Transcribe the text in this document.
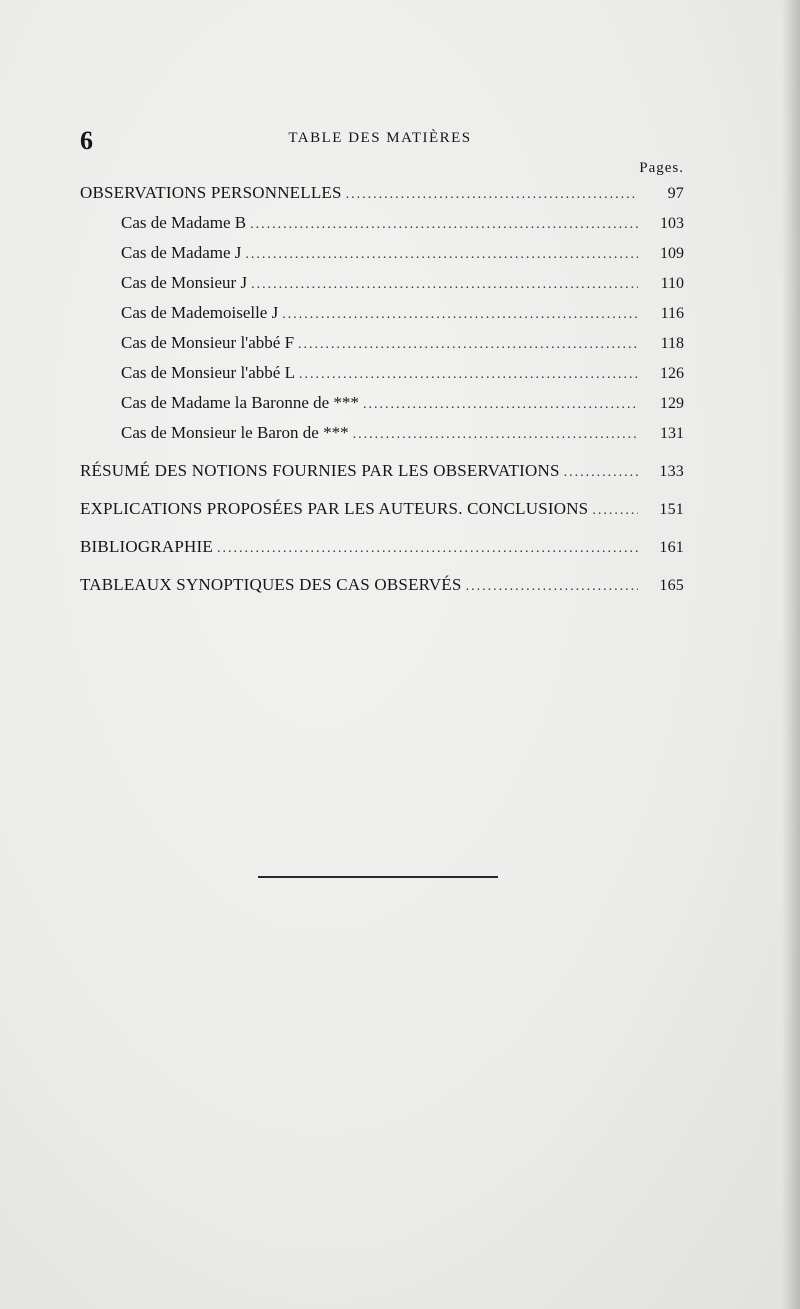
6	TABLE DES MATIÈRES
Pages.
OBSERVATIONS PERSONNELLES .....	97
Cas de Madame B .....	103
Cas de Madame J .....	109
Cas de Monsieur J .....	110
Cas de Mademoiselle J .....	116
Cas de Monsieur l'abbé F .....	118
Cas de Monsieur l'abbé L .....	126
Cas de Madame la Baronne de *** .....	129
Cas de Monsieur le Baron de *** .....	131
RÉSUMÉ DES NOTIONS FOURNIES PAR LES OBSERVATIONS .....	133
EXPLICATIONS PROPOSÉES PAR LES AUTEURS. CONCLUSIONS .....	151
BIBLIOGRAPHIE .....	161
TABLEAUX SYNOPTIQUES DES CAS OBSERVÉS .....	165
